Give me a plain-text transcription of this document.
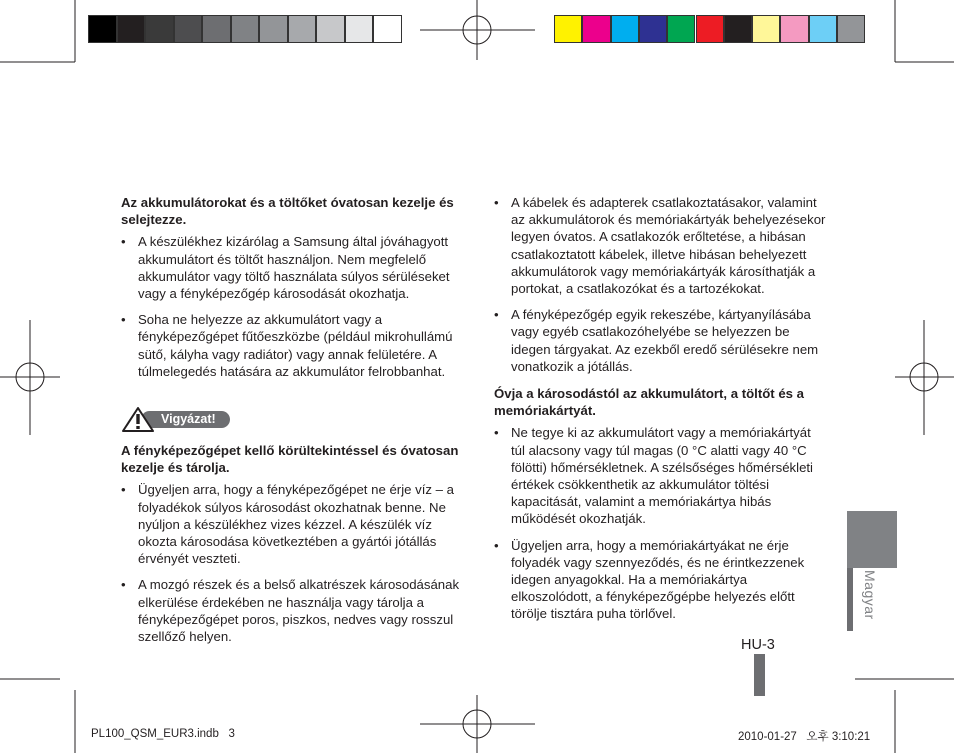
Az akkumulátorokat és a töltőket óvatosan kezelje és selejtezze.

• A készülékhez kizárólag a Samsung által jóváhagyott akkumulátort és töltőt használjon. Nem megfelelő akkumulátor vagy töltő használata súlyos sérüléseket vagy a fényképezőgép károsodását okozhatja.
• Soha ne helyezze az akkumulátort vagy a fényképezőgépet fűtőeszközbe (például mikrohullámú sütő, kályha vagy radiátor) vagy annak felületére. A túlmelegedés hatására az akkumulátor felrobbanhat.
Vigyázat!

A fényképezőgépet kellő körültekintéssel és óvatosan kezelje és tárolja.

• Ügyeljen arra, hogy a fényképezőgépet ne érje víz – a folyadékok súlyos károsodást okozhatnak benne. Ne nyúljon a készülékhez vizes kézzel. A készülék víz okozta károsodása következtében a gyártói jótállás érvényét veszteti.
• A mozgó részek és a belső alkatrészek károsodásának elkerülése érdekében ne használja vagy tárolja a fényképezőgépet poros, piszkos, nedves vagy rosszul szellőző helyen.
• A kábelek és adapterek csatlakoztatásakor, valamint az akkumulátorok és memóriakártyák behelyezésekor legyen óvatos. A csatlakozók erőltetése, a hibásan csatlakoztatott kábelek, illetve hibásan behelyezett akkumulátorok vagy memóriakártyák károsíthatják a portokat, a csatlakozókat és a tartozékokat.
• A fényképezőgép egyik rekeszébe, kártyanyílásába vagy egyéb csatlakozóhelyébe se helyezzen be idegen tárgyakat. Az ezekből eredő sérülésekre nem vonatkozik a jótállás.

Óvja a károsodástól az akkumulátort, a töltőt és a memóriakártyát.

• Ne tegye ki az akkumulátort vagy a memóriakártyát túl alacsony vagy túl magas (0 °C alatti vagy 40 °C fölötti) hőmérsékletnek. A szélsőséges hőmérsékleti értékek csökkenthetik az akkumulátor töltési kapacitását, valamint a memóriakártya hibás működését okozhatják.
• Ügyeljen arra, hogy a memóriakártyákat ne érje folyadék vagy szennyeződés, és ne érintkezzenek idegen anyagokkal. Ha a memóriakártya elkoszolódott, a fényképezőgépbe helyezés előtt törölje tisztára puha törlővel.	Magyar
HU-3
PL100_QSM_EUR3.indb   3	2010-01-27   오후 3:10:21
